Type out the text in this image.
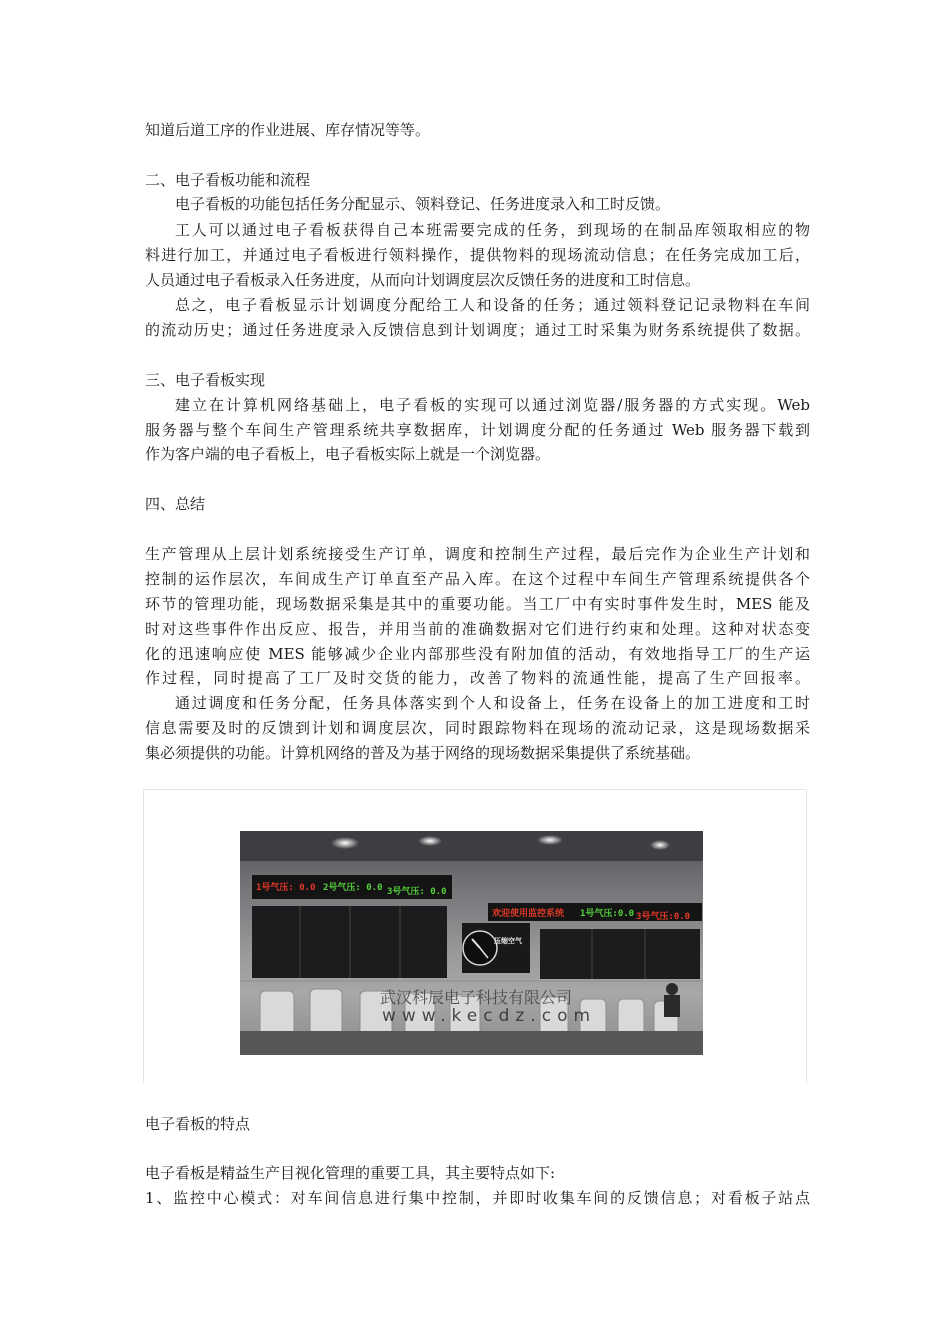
知道后道工序的作业进展、库存情况等等。
二、电子看板功能和流程
电子看板的功能包括任务分配显示、领料登记、任务进度录入和工时反馈。
工人可以通过电子看板获得自己本班需要完成的任务，到现场的在制品库领取相应的物
料进行加工，并通过电子看板进行领料操作，提供物料的现场流动信息；在任务完成加工后，
人员通过电子看板录入任务进度，从而向计划调度层次反馈任务的进度和工时信息。
总之，电子看板显示计划调度分配给工人和设备的任务；通过领料登记记录物料在车间
的流动历史；通过任务进度录入反馈信息到计划调度；通过工时采集为财务系统提供了数据。
三、电子看板实现
建立在计算机网络基础上，电子看板的实现可以通过浏览器/服务器的方式实现。Web
服务器与整个车间生产管理系统共享数据库，计划调度分配的任务通过 Web 服务器下载到
作为客户端的电子看板上，电子看板实际上就是一个浏览器。
四、总结
生产管理从上层计划系统接受生产订单，调度和控制生产过程，最后完作为企业生产计划和
控制的运作层次，车间成生产订单直至产品入库。在这个过程中车间生产管理系统提供各个
环节的管理功能，现场数据采集是其中的重要功能。当工厂中有实时事件发生时，MES 能及
时对这些事件作出反应、报告，并用当前的准确数据对它们进行约束和处理。这种对状态变
化的迅速响应使 MES 能够减少企业内部那些没有附加值的活动，有效地指导工厂的生产运
作过程，同时提高了工厂及时交货的能力，改善了物料的流通性能，提高了生产回报率。
通过调度和任务分配，任务具体落实到个人和设备上，任务在设备上的加工进度和工时
信息需要及时的反馈到计划和调度层次，同时跟踪物料在现场的流动记录，这是现场数据采
集必须提供的功能。计算机网络的普及为基于网络的现场数据采集提供了系统基础。
1号气压: 0.0 2号气压: 0.0 3号气压: 0.0
欢迎使用监控系统 1号气压:0.0 3号气压:0.0
压缩空气
武汉科辰电子科技有限公司
www.kecdz.com
电子看板的特点
电子看板是精益生产目视化管理的重要工具，其主要特点如下:
1、监控中心模式：对车间信息进行集中控制，并即时收集车间的反馈信息；对看板子站点
